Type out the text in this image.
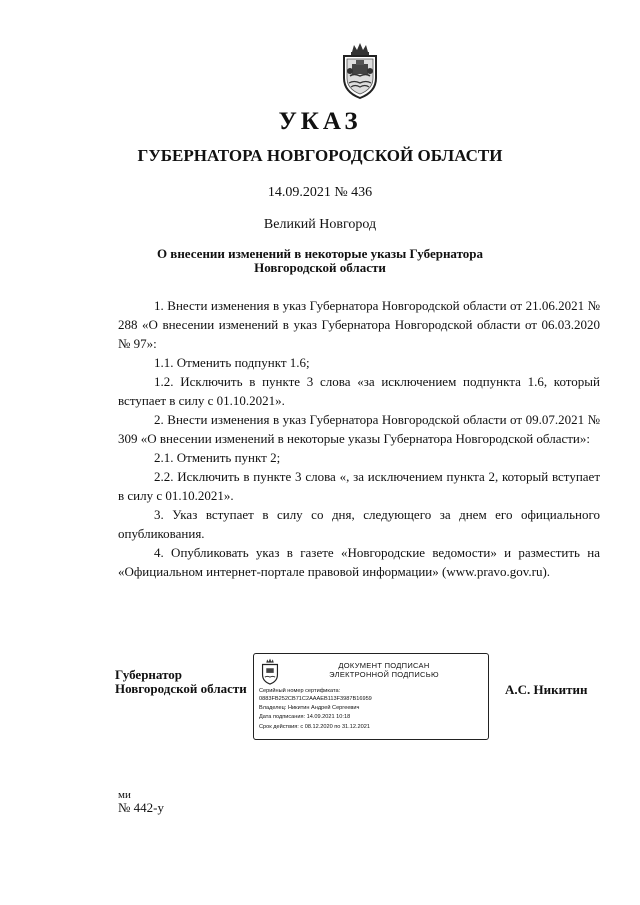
УКАЗ
ГУБЕРНАТОРА НОВГОРОДСКОЙ ОБЛАСТИ
14.09.2021 № 436
Великий Новгород
О внесении изменений в некоторые указы Губернатора
Новгородской области

1. Внести изменения в указ Губернатора Новгородской области от 21.06.2021 № 288 «О внесении изменений в указ Губернатора Новгородской области от 06.03.2020 № 97»:

1.1. Отменить подпункт 1.6;

1.2. Исключить в пункте 3 слова «за исключением подпункта 1.6, который вступает в силу с 01.10.2021».

2. Внести изменения в указ Губернатора Новгородской области от 09.07.2021 № 309 «О внесении изменений в некоторые указы Губернатора Новгородской области»:

2.1. Отменить пункт 2;

2.2. Исключить в пункте 3 слова «, за исключением пункта 2, который вступает в силу с 01.10.2021».

3. Указ вступает в силу со дня, следующего за днем его официального опубликования.

4. Опубликовать указ в газете «Новгородские ведомости» и разместить на «Официальном интернет-портале правовой информации» (www.pravo.gov.ru).

Губернатор
Новгородской области
ДОКУМЕНТ ПОДПИСАН
ЭЛЕКТРОННОЙ ПОДПИСЬЮ
Серийный номер сертификата:
0883FB252CB71C2AAAEB113F3987B16959
Владелец: Никитин Андрей Сергеевич
Дата подписания: 14.09.2021 10:18
Срок действия: с 08.12.2020 по 31.12.2021
А.С. Никитин
ми
№ 442-у
